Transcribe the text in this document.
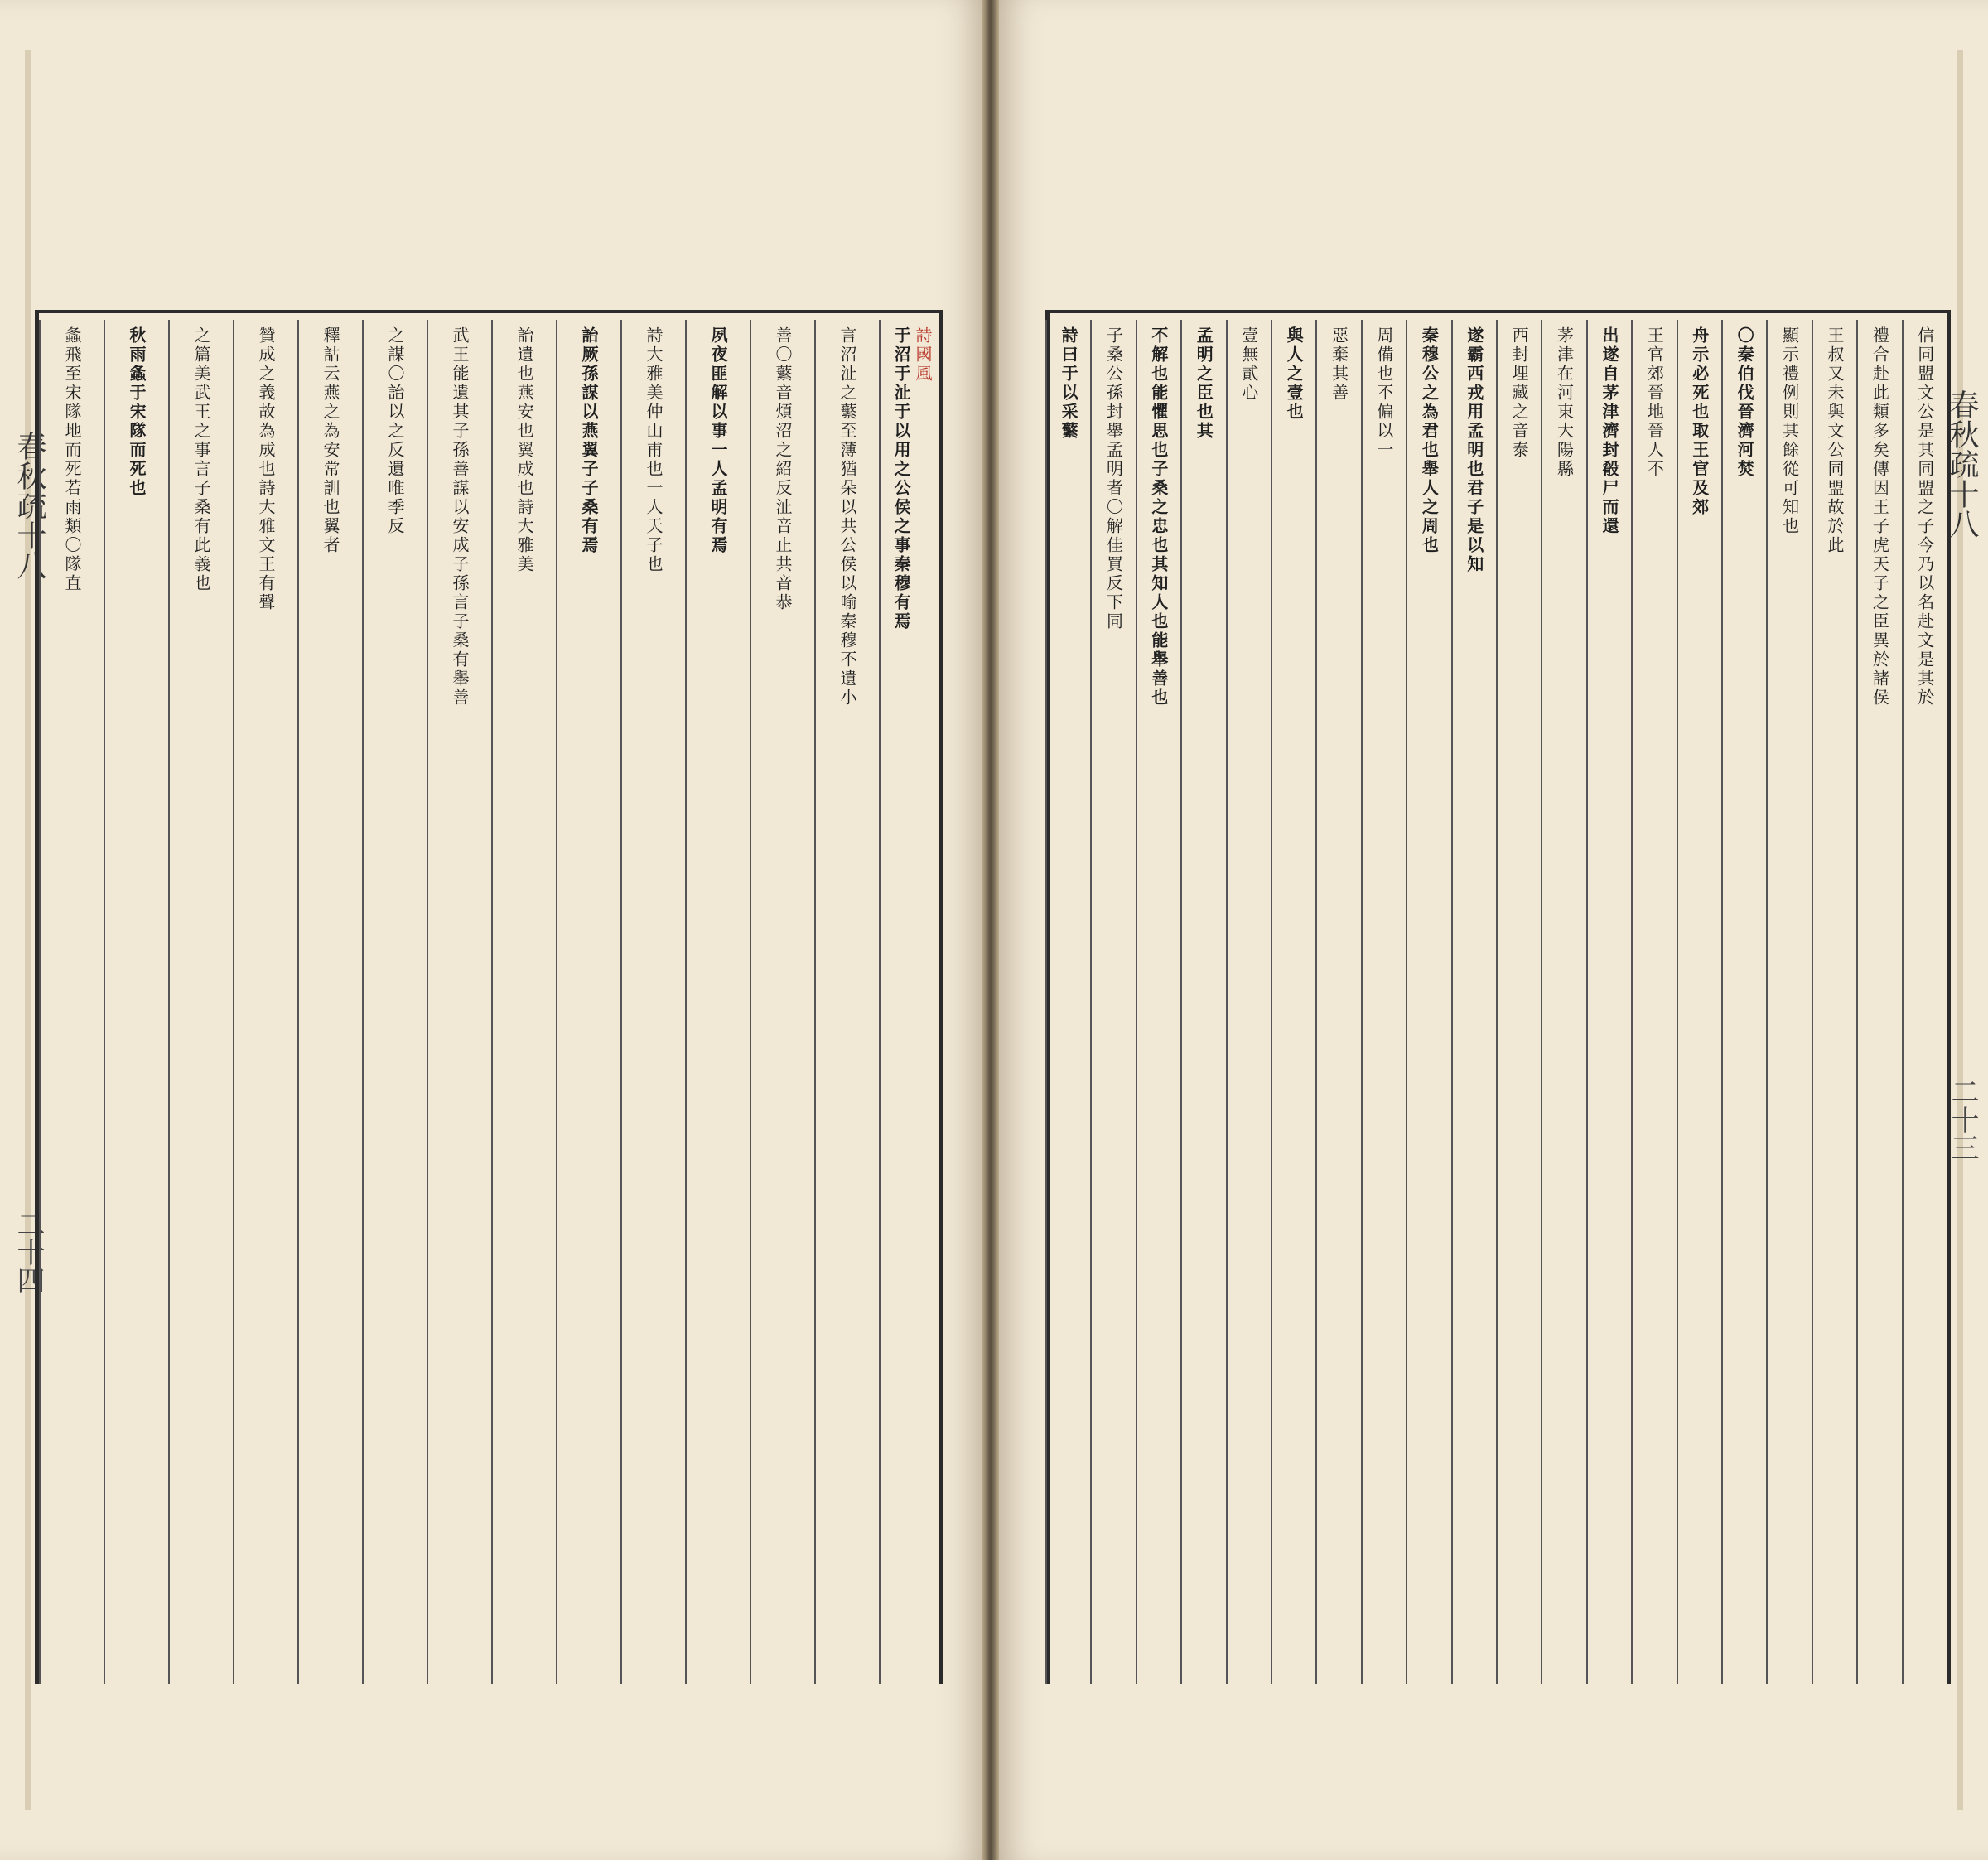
春秋疏十八
二十四
于沼于沚于以用之公侯之事秦穆有焉 詩國風
言沼沚之蘩至薄猶朵以共公侯以喻秦穆不遺小
善〇蘩音煩沼之紹反沚音止共音恭
夙夜匪解以事一人孟明有焉
詩大雅美仲山甫也一人天子也
詒厥孫謀以燕翼子子桑有焉
詒遺也燕安也翼成也詩大雅美
武王能遺其子孫善謀以安成子孫言子桑有舉善
之謀〇詒以之反遺唯季反
釋詁云燕之為安常訓也翼者
贊成之義故為成也詩大雅文王有聲
之篇美武王之事言子桑有此義也
秋雨螽于宋隊而死也
螽飛至宋隊地而死若雨類〇隊直	春秋疏十八
二十三
信同盟文公是其同盟之子今乃以名赴文是其於
禮合赴此類多矣傳因王子虎天子之臣異於諸侯
王叔又未與文公同盟故於此
顯示禮例則其餘從可知也
〇秦伯伐晉濟河焚
舟示必死也取王官及郊
王官郊晉地晉人不
出遂自茅津濟封殽尸而還
茅津在河東大陽縣
西封埋藏之音泰
遂霸西戎用孟明也君子是以知
秦穆公之為君也舉人之周也
周備也不偏以一
惡棄其善
與人之壹也
壹無貳心
孟明之臣也其
不解也能懼思也子桑之忠也其知人也能舉善也
子桑公孫封舉孟明者〇解佳買反下同
詩曰于以采蘩
